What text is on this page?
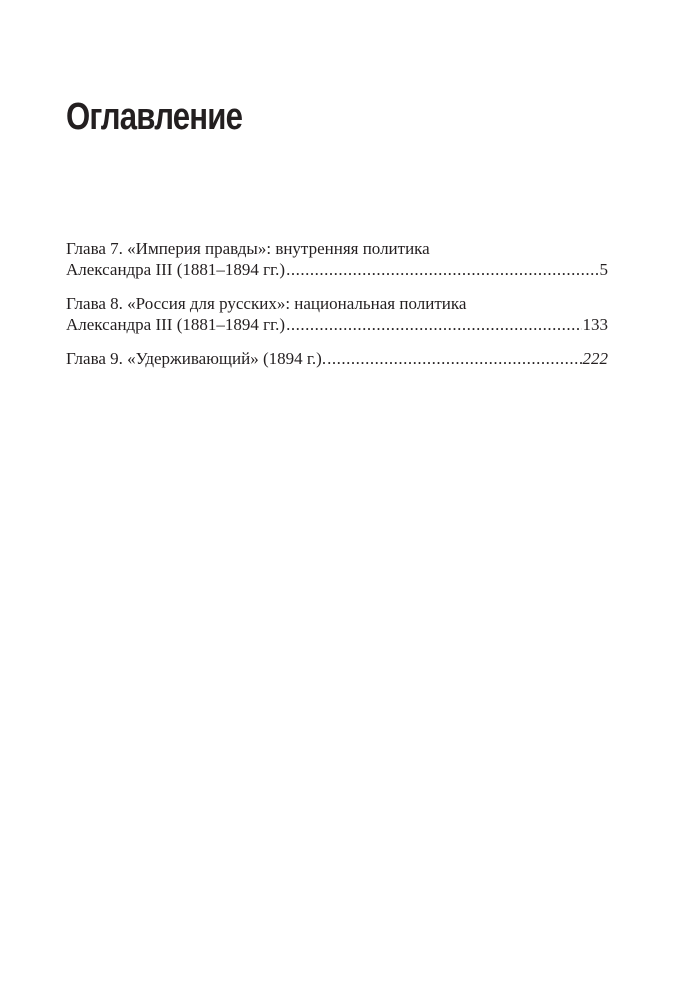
Оглавление
Глава 7. «Империя правды»: внутренняя политика
Александра III (1881–1894 гг.) .....	5
Глава 8. «Россия для русских»: национальная политика
Александра III (1881–1894 гг.) .....	133
Глава 9. «Удерживающий» (1894 г.). .....	222
